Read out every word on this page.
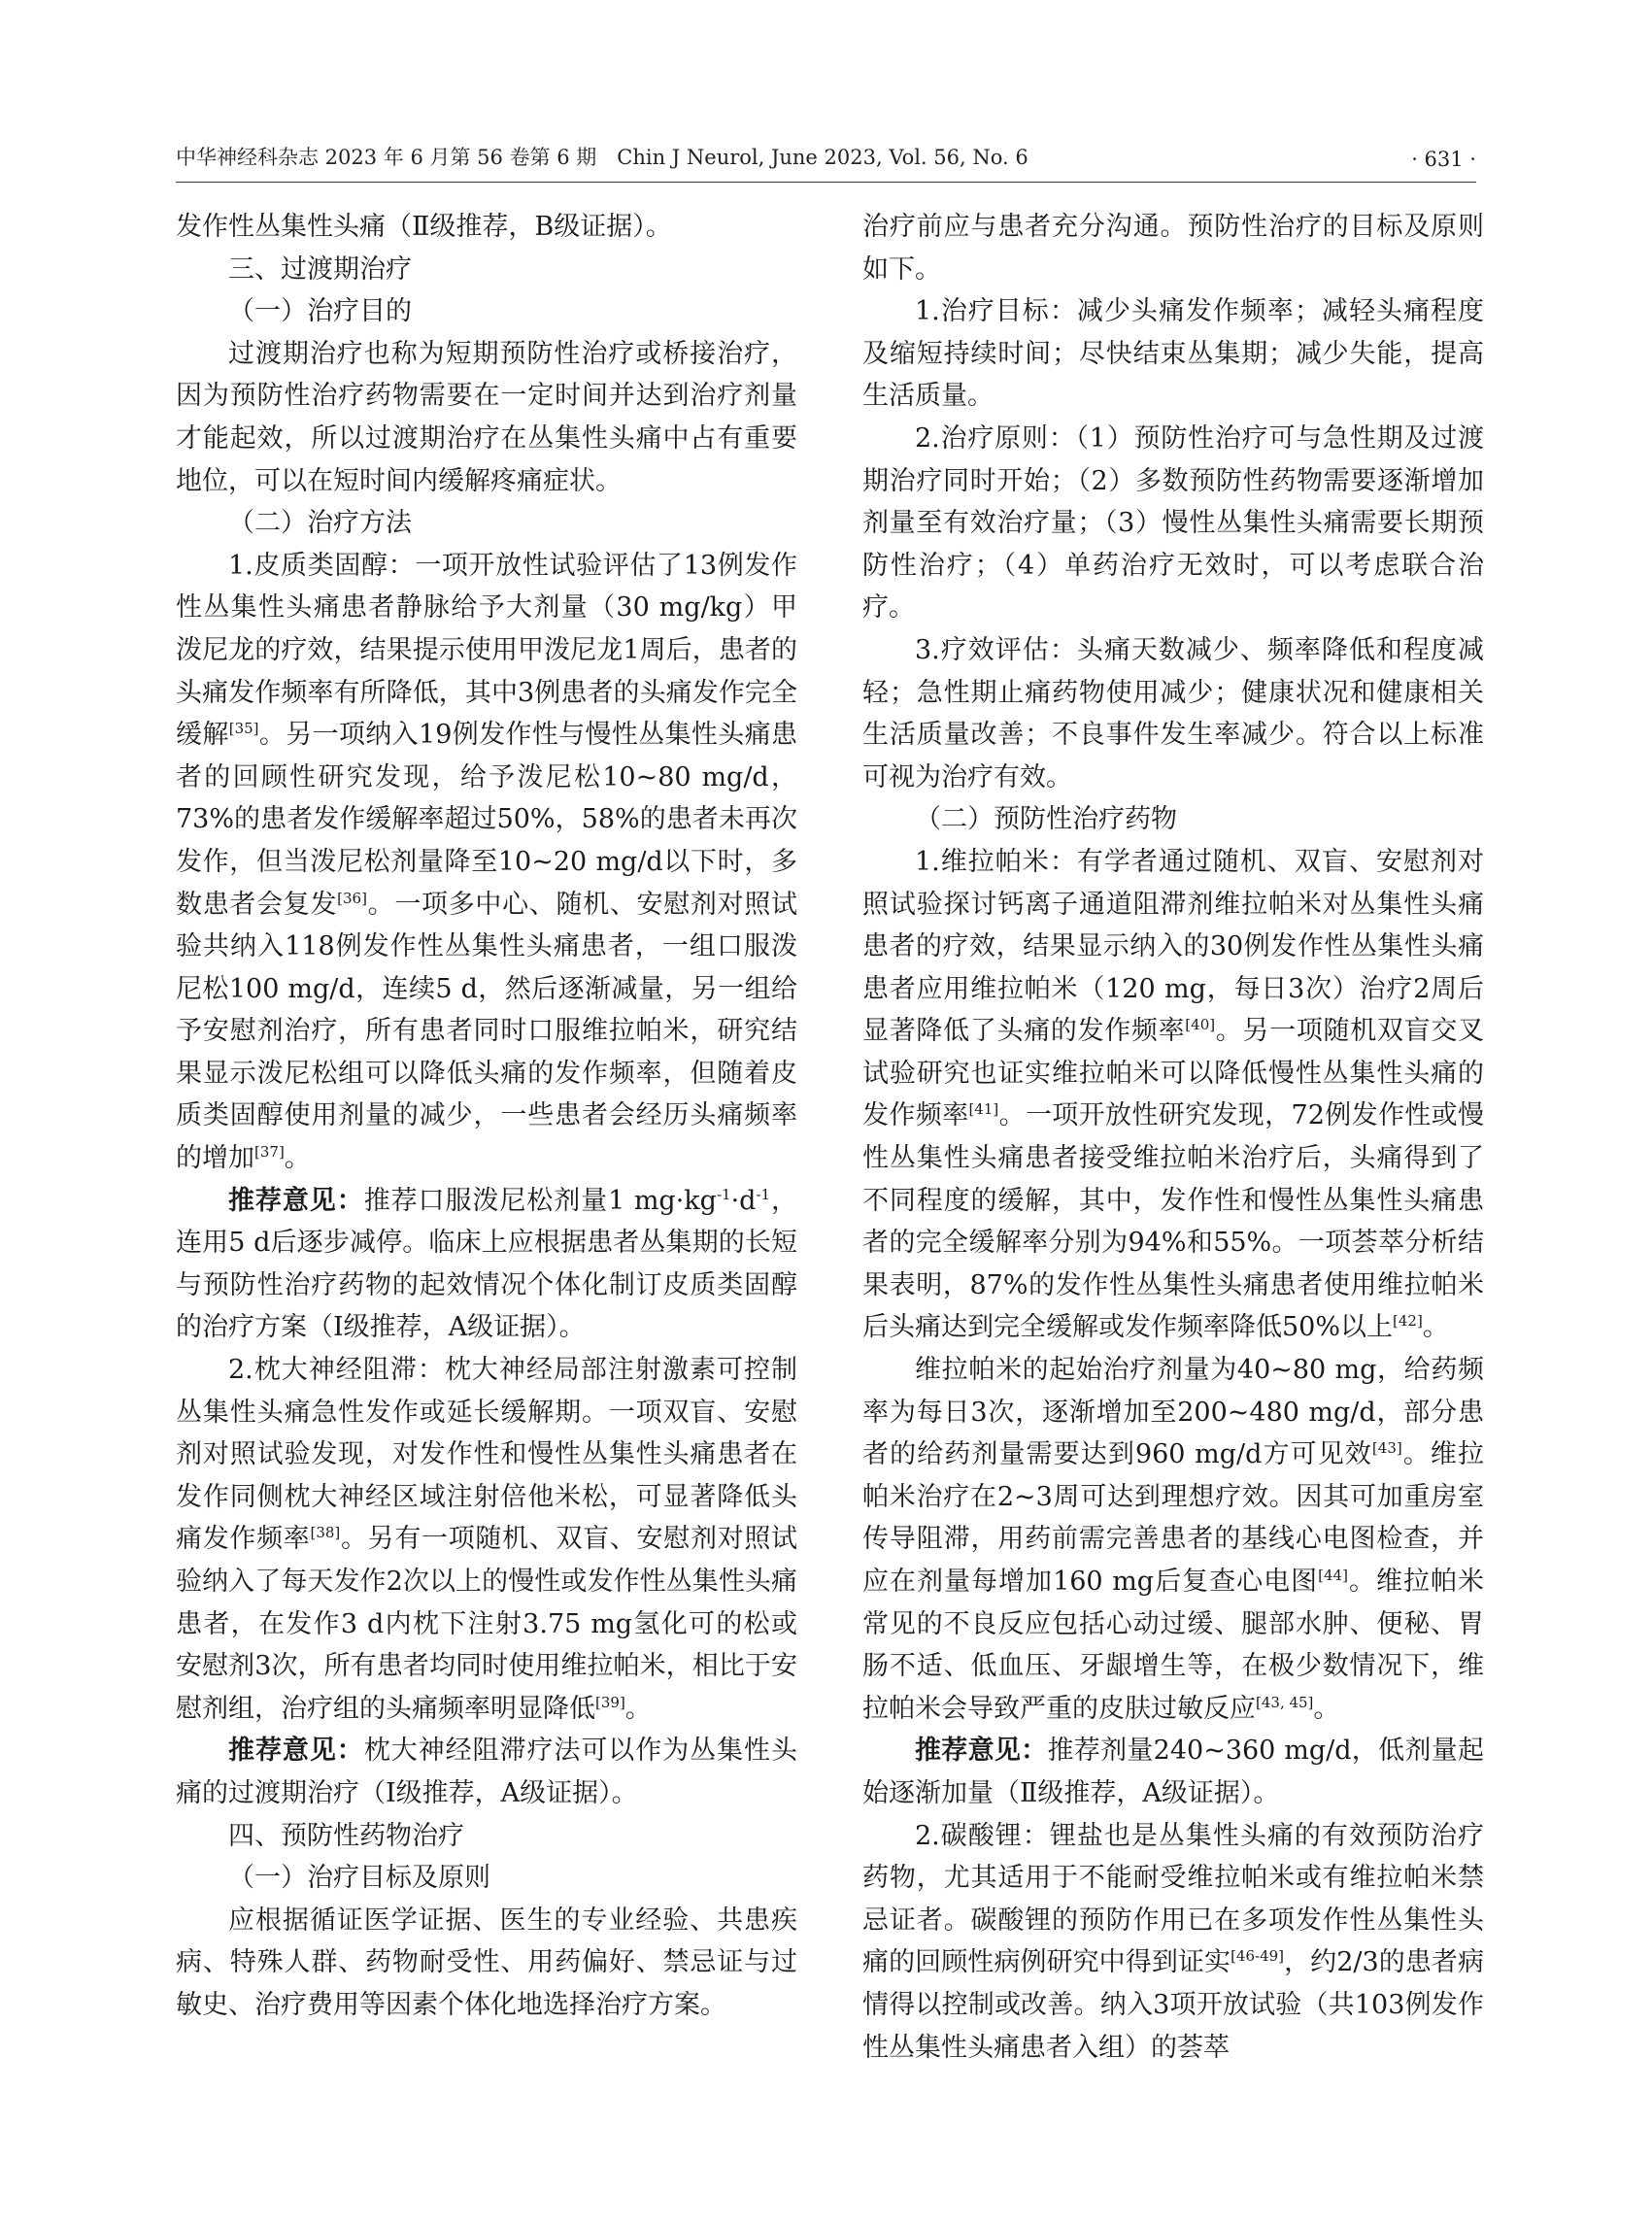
中华神经科杂志 2023 年 6 月第 56 卷第 6 期　Chin J Neurol, June 2023, Vol. 56, No. 6	· 631 ·

发作性丛集性头痛（Ⅱ级推荐，B级证据）。

三、过渡期治疗

（一）治疗目的

过渡期治疗也称为短期预防性治疗或桥接治疗，因为预防性治疗药物需要在一定时间并达到治疗剂量才能起效，所以过渡期治疗在丛集性头痛中占有重要地位，可以在短时间内缓解疼痛症状。

（二）治疗方法

1.皮质类固醇：一项开放性试验评估了13例发作性丛集性头痛患者静脉给予大剂量（30 mg/kg）甲泼尼龙的疗效，结果提示使用甲泼尼龙1周后，患者的头痛发作频率有所降低，其中3例患者的头痛发作完全缓解[35]。另一项纳入19例发作性与慢性丛集性头痛患者的回顾性研究发现，给予泼尼松10~80 mg/d，73%的患者发作缓解率超过50%，58%的患者未再次发作，但当泼尼松剂量降至10~20 mg/d以下时，多数患者会复发[36]。一项多中心、随机、安慰剂对照试验共纳入118例发作性丛集性头痛患者，一组口服泼尼松100 mg/d，连续5 d，然后逐渐减量，另一组给予安慰剂治疗，所有患者同时口服维拉帕米，研究结果显示泼尼松组可以降低头痛的发作频率，但随着皮质类固醇使用剂量的减少，一些患者会经历头痛频率的增加[37]。

推荐意见：推荐口服泼尼松剂量1 $mg\cdot kg^{-1}\cdot d^{-1}$，连用5 d后逐步减停。临床上应根据患者丛集期的长短与预防性治疗药物的起效情况个体化制订皮质类固醇的治疗方案（Ⅰ级推荐，A级证据）。

2.枕大神经阻滞：枕大神经局部注射激素可控制丛集性头痛急性发作或延长缓解期。一项双盲、安慰剂对照试验发现，对发作性和慢性丛集性头痛患者在发作同侧枕大神经区域注射倍他米松，可显著降低头痛发作频率[38]。另有一项随机、双盲、安慰剂对照试验纳入了每天发作2次以上的慢性或发作性丛集性头痛患者，在发作3 d内枕下注射3.75 mg氢化可的松或安慰剂3次，所有患者均同时使用维拉帕米，相比于安慰剂组，治疗组的头痛频率明显降低[39]。

推荐意见：枕大神经阻滞疗法可以作为丛集性头痛的过渡期治疗（Ⅰ级推荐，A级证据）。

四、预防性药物治疗

（一）治疗目标及原则

应根据循证医学证据、医生的专业经验、共患疾病、特殊人群、药物耐受性、用药偏好、禁忌证与过敏史、治疗费用等因素个体化地选择治疗方案。

治疗前应与患者充分沟通。预防性治疗的目标及原则如下。

1.治疗目标：减少头痛发作频率；减轻头痛程度及缩短持续时间；尽快结束丛集期；减少失能，提高生活质量。

2.治疗原则：（1）预防性治疗可与急性期及过渡期治疗同时开始；（2）多数预防性药物需要逐渐增加剂量至有效治疗量；（3）慢性丛集性头痛需要长期预防性治疗；（4）单药治疗无效时，可以考虑联合治疗。

3.疗效评估：头痛天数减少、频率降低和程度减轻；急性期止痛药物使用减少；健康状况和健康相关生活质量改善；不良事件发生率减少。符合以上标准可视为治疗有效。

（二）预防性治疗药物

1.维拉帕米：有学者通过随机、双盲、安慰剂对照试验探讨钙离子通道阻滞剂维拉帕米对丛集性头痛患者的疗效，结果显示纳入的30例发作性丛集性头痛患者应用维拉帕米（120 mg，每日3次）治疗2周后显著降低了头痛的发作频率[40]。另一项随机双盲交叉试验研究也证实维拉帕米可以降低慢性丛集性头痛的发作频率[41]。一项开放性研究发现，72例发作性或慢性丛集性头痛患者接受维拉帕米治疗后，头痛得到了不同程度的缓解，其中，发作性和慢性丛集性头痛患者的完全缓解率分别为94%和55%。一项荟萃分析结果表明，87%的发作性丛集性头痛患者使用维拉帕米后头痛达到完全缓解或发作频率降低50%以上[42]。

维拉帕米的起始治疗剂量为40~80 mg，给药频率为每日3次，逐渐增加至200~480 mg/d，部分患者的给药剂量需要达到960 mg/d方可见效[43]。维拉帕米治疗在2~3周可达到理想疗效。因其可加重房室传导阻滞，用药前需完善患者的基线心电图检查，并应在剂量每增加160 mg后复查心电图[44]。维拉帕米常见的不良反应包括心动过缓、腿部水肿、便秘、胃肠不适、低血压、牙龈增生等，在极少数情况下，维拉帕米会导致严重的皮肤过敏反应[43, 45]。

推荐意见：推荐剂量240~360 mg/d，低剂量起始逐渐加量（Ⅱ级推荐，A级证据）。

2.碳酸锂：锂盐也是丛集性头痛的有效预防治疗药物，尤其适用于不能耐受维拉帕米或有维拉帕米禁忌证者。碳酸锂的预防作用已在多项发作性丛集性头痛的回顾性病例研究中得到证实[46-49]，约2/3的患者病情得以控制或改善。纳入3项开放试验（共103例发作性丛集性头痛患者入组）的荟萃
